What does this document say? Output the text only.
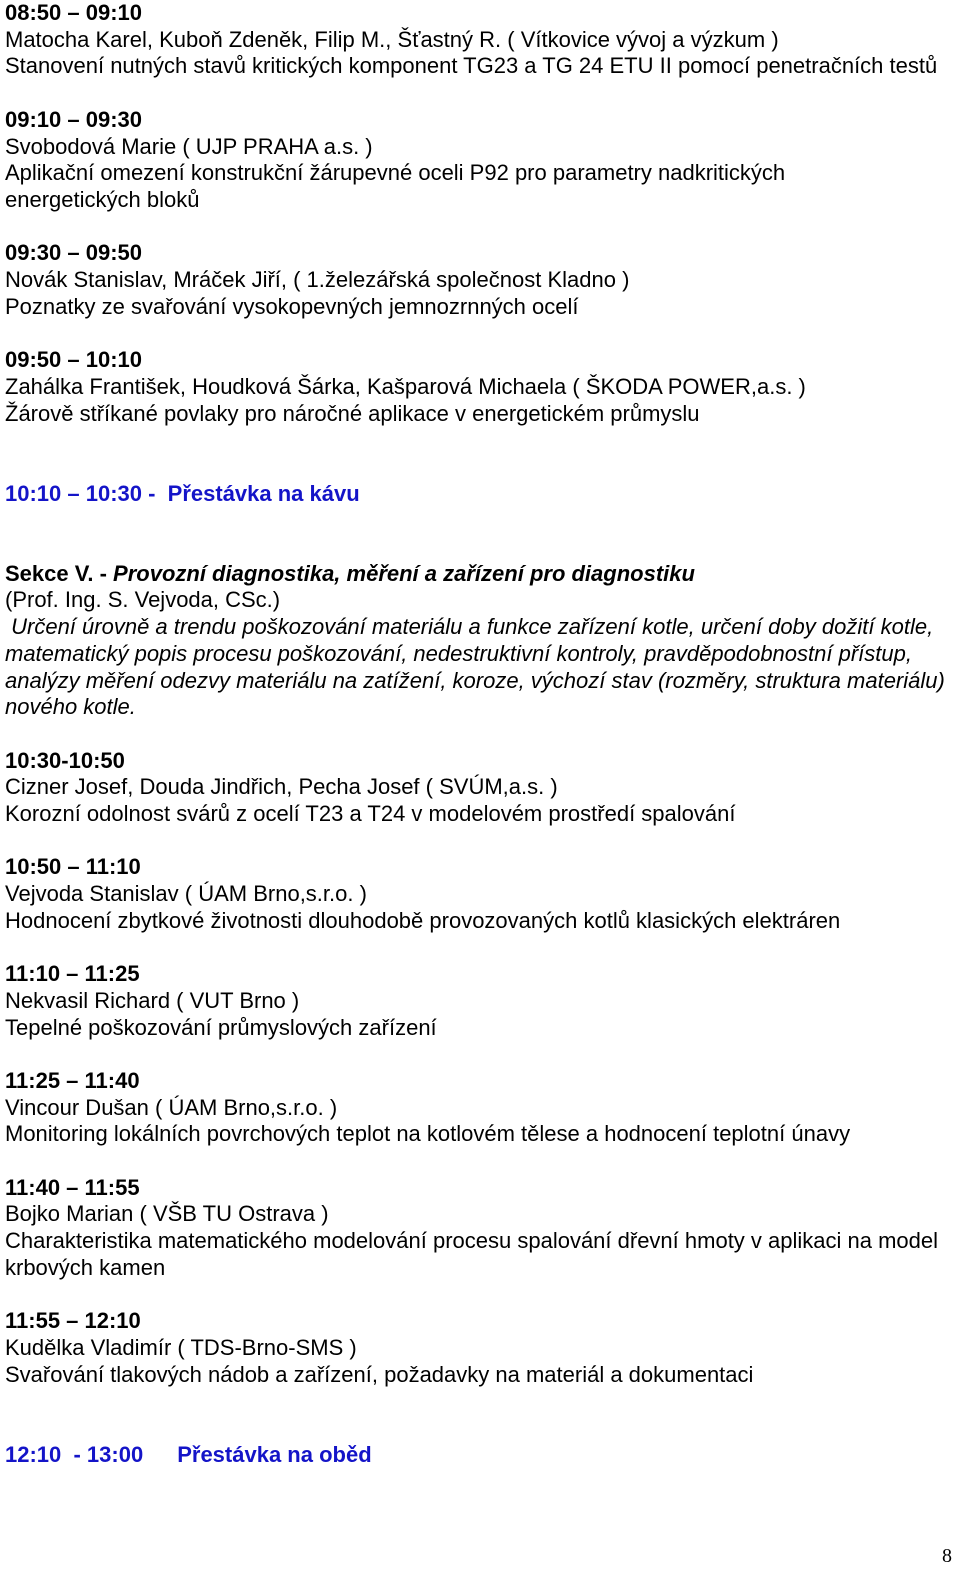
08:50 – 09:10
Matocha Karel, Kuboň Zdeněk, Filip M., Šťastný R. ( Vítkovice vývoj a výzkum )
Stanovení nutných stavů kritických komponent TG23 a TG 24 ETU II pomocí penetračních testů
09:10 – 09:30
Svobodová Marie ( UJP PRAHA a.s. )
Aplikační omezení konstrukční žárupevné oceli P92 pro parametry nadkritických energetických bloků
09:30 – 09:50
Novák Stanislav, Mráček Jiří, ( 1.železářská společnost Kladno )
Poznatky ze svařování vysokopevných jemnozrnných ocelí
09:50 – 10:10
Zahálka František, Houdková Šárka, Kašparová Michaela ( ŠKODA POWER,a.s. )
Žárově stříkané povlaky pro náročné aplikace v energetickém průmyslu
10:10 – 10:30 -  Přestávka na kávu
Sekce V. - Provozní diagnostika, měření a zařízení pro diagnostiku
(Prof. Ing. S. Vejvoda, CSc.)
Určení úrovně a trendu poškozování materiálu a funkce zařízení kotle, určení doby dožití kotle, matematický popis procesu poškozování, nedestruktivní kontroly, pravděpodobnostní přístup, analýzy měření odezvy materiálu na zatížení, koroze, výchozí stav (rozměry, struktura materiálu) nového kotle.
10:30-10:50
Cizner Josef, Douda Jindřich, Pecha Josef ( SVÚM,a.s. )
Korozní odolnost svárů z ocelí T23 a T24 v modelovém prostředí spalování
10:50 – 11:10
Vejvoda Stanislav ( ÚAM Brno,s.r.o. )
Hodnocení zbytkové životnosti dlouhodobě provozovaných kotlů klasických elektráren
11:10 – 11:25
Nekvasil Richard ( VUT Brno )
Tepelné poškozování průmyslových zařízení
11:25 – 11:40
Vincour Dušan ( ÚAM Brno,s.r.o. )
Monitoring lokálních povrchových teplot na kotlovém tělese a hodnocení teplotní únavy
11:40 – 11:55
Bojko Marian ( VŠB TU Ostrava )
Charakteristika matematického modelování procesu spalování dřevní hmoty v aplikaci na model krbových kamen
11:55 – 12:10
Kudělka Vladimír ( TDS-Brno-SMS )
Svařování tlakových nádob a zařízení, požadavky na materiál a dokumentaci
12:10  - 13:00 Přestávka na oběd
8
